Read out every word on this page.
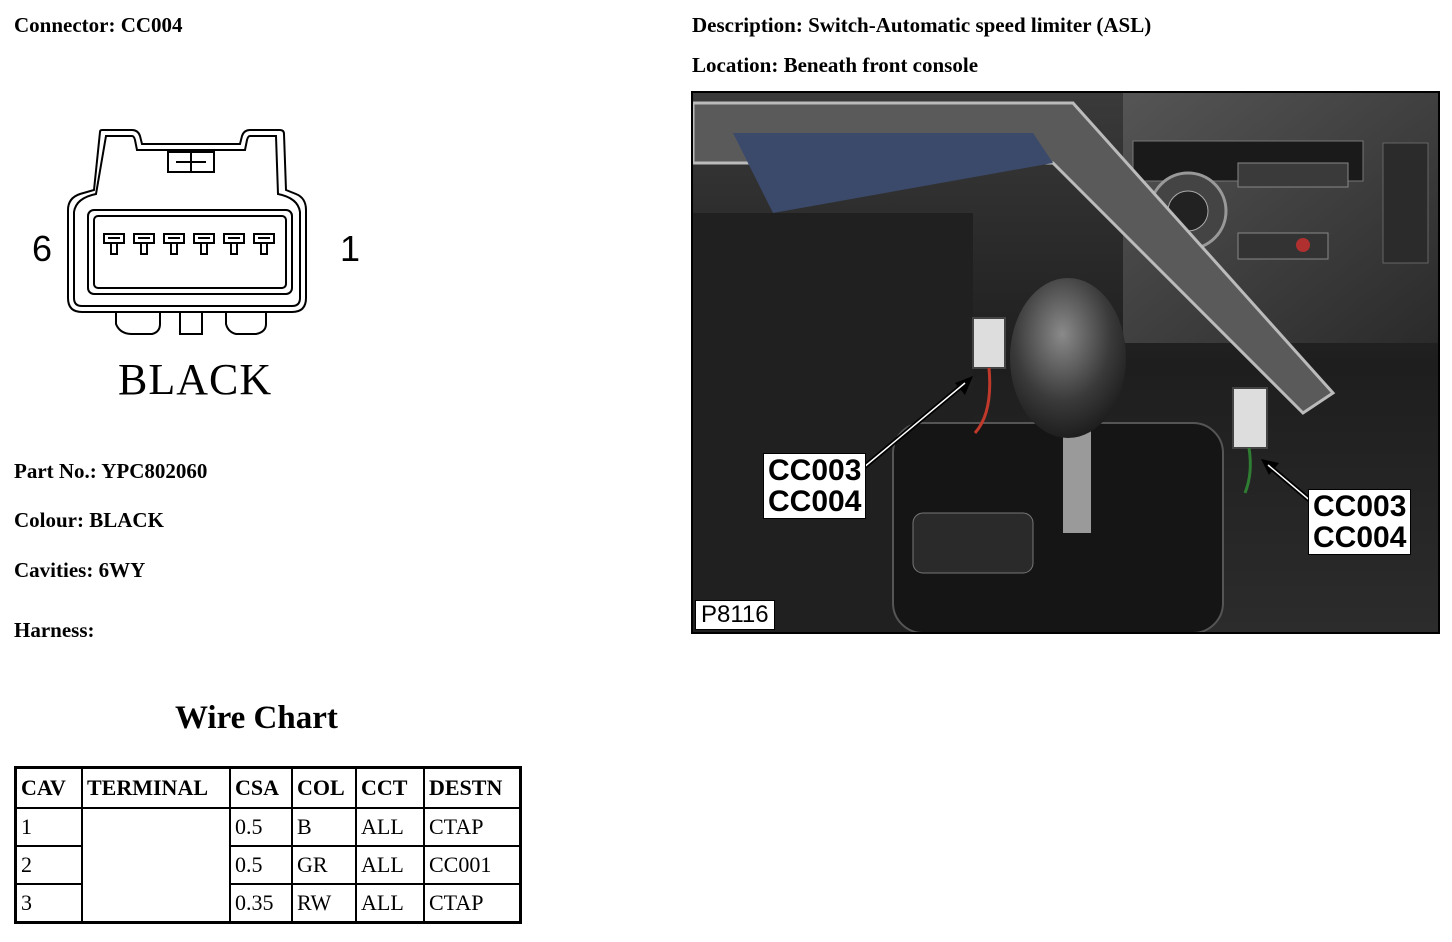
Connector: CC004	Description: Switch-Automatic speed limiter (ASL)
Location: Beneath front console
6	1
BLACK
Part No.: YPC802060
Colour: BLACK
Cavities: 6WY
Harness:
Wire Chart
CAV	TERMINAL	CSA	COL	CCT	DESTN
1		0.5	B	ALL	CTAP
2		0.5	GR	ALL	CC001
3		0.35	RW	ALL	CTAP
CC003
CC004	CC003
CC004
P8116
